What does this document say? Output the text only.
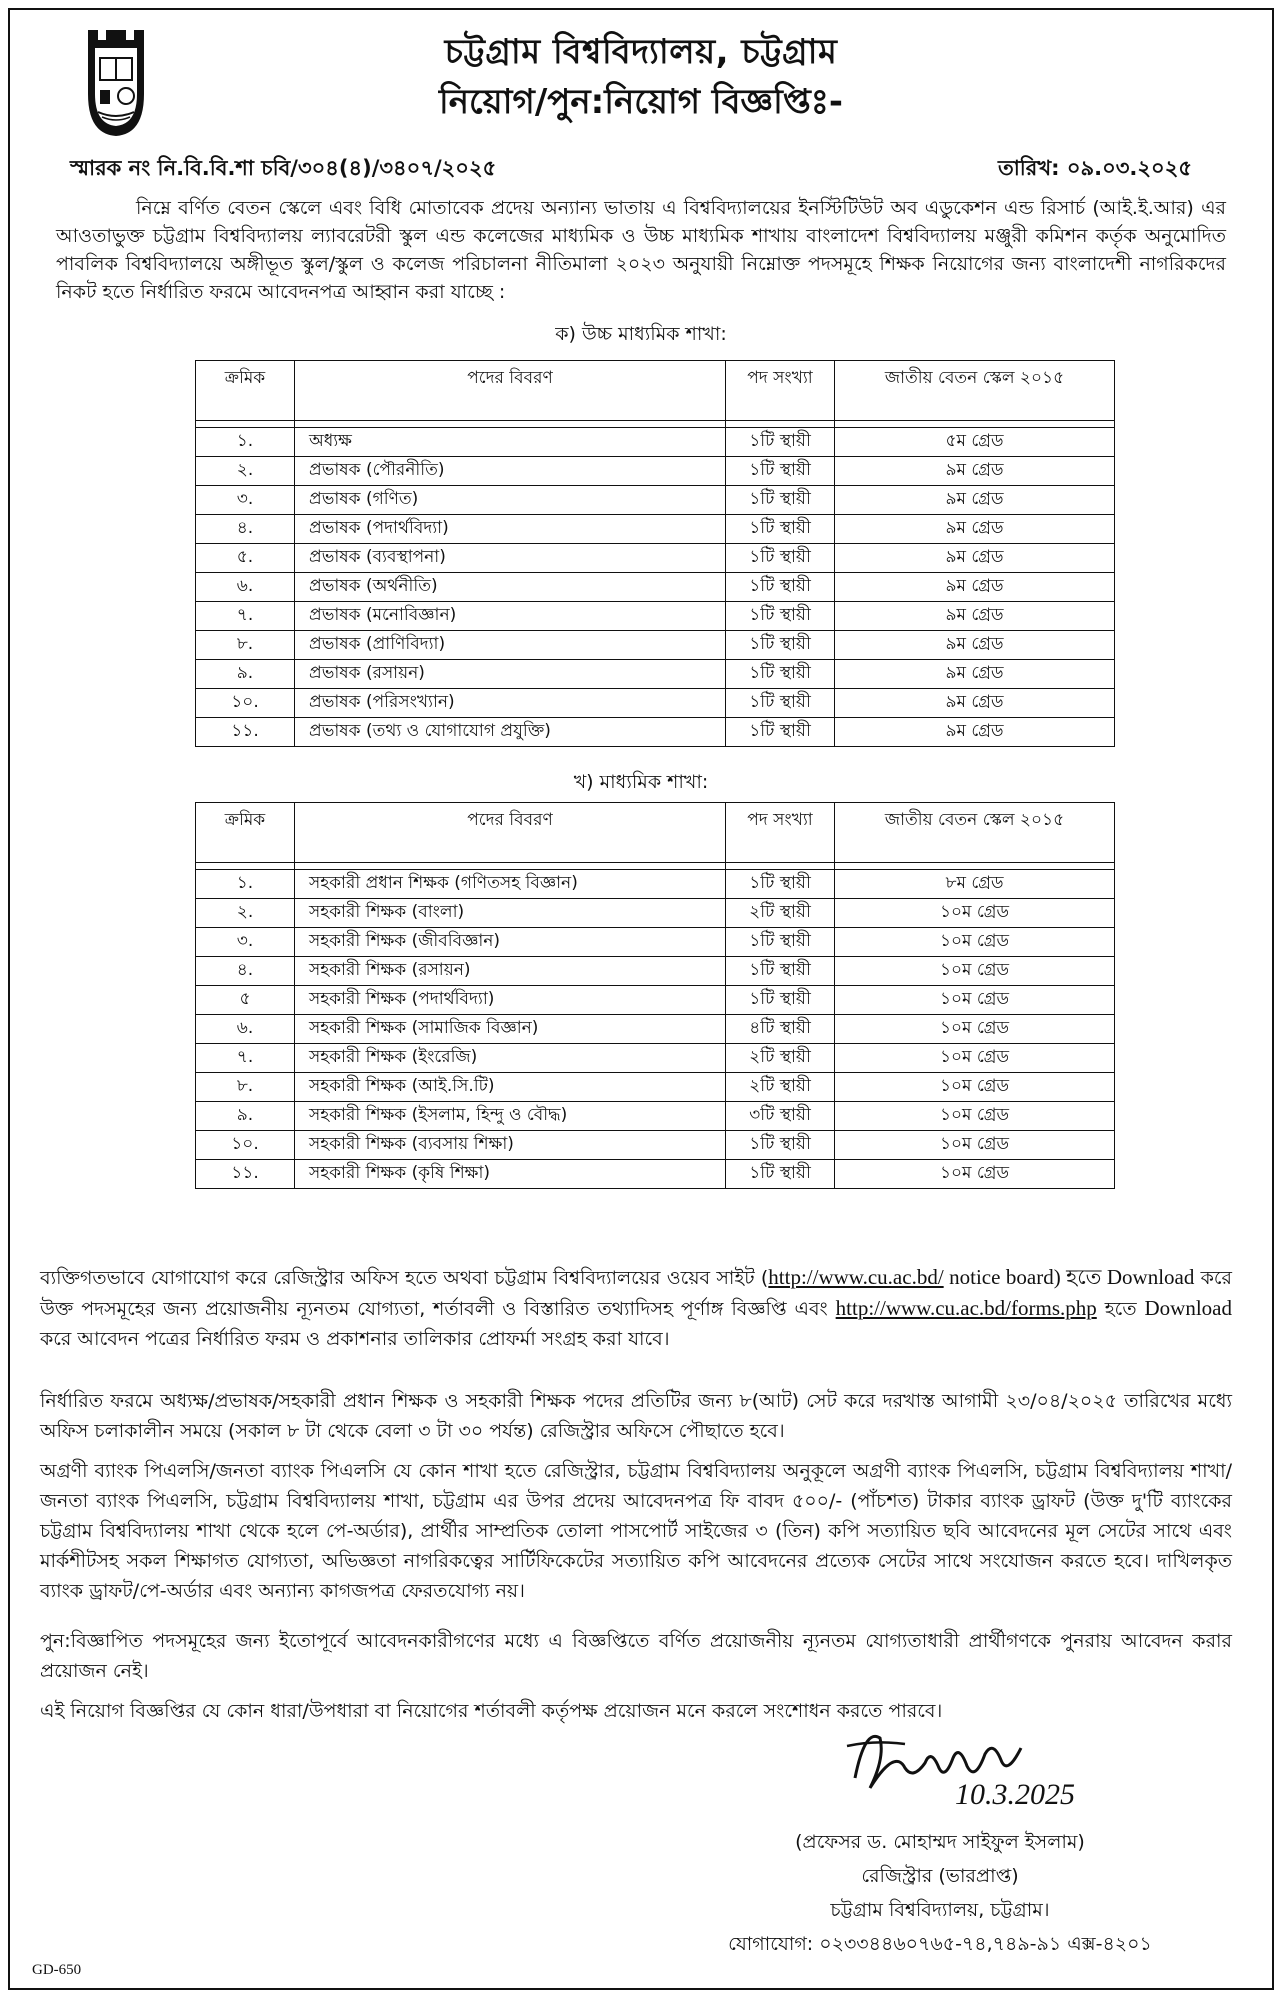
চট্টগ্রাম বিশ্ববিদ্যালয়, চট্টগ্রাম
নিয়োগ/পুন:নিয়োগ বিজ্ঞপ্তিঃ-
স্মারক নং নি.বি.বি.শা চবি/৩০৪(৪)/৩৪০৭/২০২৫	তারিখ: ০৯.০৩.২০২৫
নিম্নে বর্ণিত বেতন স্কেলে এবং বিধি মোতাবেক প্রদেয় অন্যান্য ভাতায় এ বিশ্ববিদ্যালয়ের ইনস্টিটিউট অব এডুকেশন এন্ড রিসার্চ (আই.ই.আর) এর আওতাভুক্ত চট্টগ্রাম বিশ্ববিদ্যালয় ল্যাবরেটরী স্কুল এন্ড কলেজের মাধ্যমিক ও উচ্চ মাধ্যমিক শাখায় বাংলাদেশ বিশ্ববিদ্যালয় মঞ্জুরী কমিশন কর্তৃক অনুমোদিত পাবলিক বিশ্ববিদ্যালয়ে অঙ্গীভূত স্কুল/স্কুল ও কলেজ পরিচালনা নীতিমালা ২০২৩ অনুযায়ী নিম্নোক্ত পদসমূহে শিক্ষক নিয়োগের জন্য বাংলাদেশী নাগরিকদের নিকট হতে নির্ধারিত ফরমে আবেদনপত্র আহ্বান করা যাচ্ছে :
ক) উচ্চ মাধ্যমিক শাখা:
ক্রমিক	পদের বিবরণ	পদ সংখ্যা	জাতীয় বেতন স্কেল ২০১৫

১.	অধ্যক্ষ	১টি স্থায়ী	৫ম গ্রেড
২.	প্রভাষক (পৌরনীতি)	১টি স্থায়ী	৯ম গ্রেড
৩.	প্রভাষক (গণিত)	১টি স্থায়ী	৯ম গ্রেড
৪.	প্রভাষক (পদার্থবিদ্যা)	১টি স্থায়ী	৯ম গ্রেড
৫.	প্রভাষক (ব্যবস্থাপনা)	১টি স্থায়ী	৯ম গ্রেড
৬.	প্রভাষক (অর্থনীতি)	১টি স্থায়ী	৯ম গ্রেড
৭.	প্রভাষক (মনোবিজ্ঞান)	১টি স্থায়ী	৯ম গ্রেড
৮.	প্রভাষক (প্রাণিবিদ্যা)	১টি স্থায়ী	৯ম গ্রেড
৯.	প্রভাষক (রসায়ন)	১টি স্থায়ী	৯ম গ্রেড
১০.	প্রভাষক (পরিসংখ্যান)	১টি স্থায়ী	৯ম গ্রেড
১১.	প্রভাষক (তথ্য ও যোগাযোগ প্রযুক্তি)	১টি স্থায়ী	৯ম গ্রেড
খ) মাধ্যমিক শাখা:
ক্রমিক	পদের বিবরণ	পদ সংখ্যা	জাতীয় বেতন স্কেল ২০১৫

১.	সহকারী প্রধান শিক্ষক (গণিতসহ বিজ্ঞান)	১টি স্থায়ী	৮ম গ্রেড
২.	সহকারী শিক্ষক (বাংলা)	২টি স্থায়ী	১০ম গ্রেড
৩.	সহকারী শিক্ষক (জীববিজ্ঞান)	১টি স্থায়ী	১০ম গ্রেড
৪.	সহকারী শিক্ষক (রসায়ন)	১টি স্থায়ী	১০ম গ্রেড
৫	সহকারী শিক্ষক (পদার্থবিদ্যা)	১টি স্থায়ী	১০ম গ্রেড
৬.	সহকারী শিক্ষক (সামাজিক বিজ্ঞান)	৪টি স্থায়ী	১০ম গ্রেড
৭.	সহকারী শিক্ষক (ইংরেজি)	২টি স্থায়ী	১০ম গ্রেড
৮.	সহকারী শিক্ষক (আই.সি.টি)	২টি স্থায়ী	১০ম গ্রেড
৯.	সহকারী শিক্ষক (ইসলাম, হিন্দু ও বৌদ্ধ)	৩টি স্থায়ী	১০ম গ্রেড
১০.	সহকারী শিক্ষক (ব্যবসায় শিক্ষা)	১টি স্থায়ী	১০ম গ্রেড
১১.	সহকারী শিক্ষক (কৃষি শিক্ষা)	১টি স্থায়ী	১০ম গ্রেড
ব্যক্তিগতভাবে যোগাযোগ করে রেজিস্ট্রার অফিস হতে অথবা চট্টগ্রাম বিশ্ববিদ্যালয়ের ওয়েব সাইট (http://www.cu.ac.bd/ notice board) হতে Download করে উক্ত পদসমূহের জন্য প্রয়োজনীয় ন্যূনতম যোগ্যতা, শর্তাবলী ও বিস্তারিত তথ্যাদিসহ পূর্ণাঙ্গ বিজ্ঞপ্তি এবং http://www.cu.ac.bd/forms.php হতে Download করে আবেদন পত্রের নির্ধারিত ফরম ও প্রকাশনার তালিকার প্রোফর্মা সংগ্রহ করা যাবে।
নির্ধারিত ফরমে অধ্যক্ষ/প্রভাষক/সহকারী প্রধান শিক্ষক ও সহকারী শিক্ষক পদের প্রতিটির জন্য ৮(আট) সেট করে দরখাস্ত আগামী ২৩/০৪/২০২৫ তারিখের মধ্যে অফিস চলাকালীন সময়ে (সকাল ৮ টা থেকে বেলা ৩ টা ৩০ পর্যন্ত) রেজিস্ট্রার অফিসে পৌছাতে হবে।
অগ্রণী ব্যাংক পিএলসি/জনতা ব্যাংক পিএলসি যে কোন শাখা হতে রেজিস্ট্রার, চট্টগ্রাম বিশ্ববিদ্যালয় অনুকূলে অগ্রণী ব্যাংক পিএলসি, চট্টগ্রাম বিশ্ববিদ্যালয় শাখা/জনতা ব্যাংক পিএলসি, চট্টগ্রাম বিশ্ববিদ্যালয় শাখা, চট্টগ্রাম এর উপর প্রদেয় আবেদনপত্র ফি বাবদ ৫০০/- (পাঁচশত) টাকার ব্যাংক ড্রাফট (উক্ত দু'টি ব্যাংকের চট্টগ্রাম বিশ্ববিদ্যালয় শাখা থেকে হলে পে-অর্ডার), প্রার্থীর সাম্প্রতিক তোলা পাসপোর্ট সাইজের ৩ (তিন) কপি সত্যায়িত ছবি আবেদনের মূল সেটের সাথে এবং মার্কশীটসহ সকল শিক্ষাগত যোগ্যতা, অভিজ্ঞতা নাগরিকত্বের সার্টিফিকেটের সত্যায়িত কপি আবেদনের প্রত্যেক সেটের সাথে সংযোজন করতে হবে। দাখিলকৃত ব্যাংক ড্রাফট/পে-অর্ডার এবং অন্যান্য কাগজপত্র ফেরতযোগ্য নয়।
পুন:বিজ্ঞাপিত পদসমূহের জন্য ইতোপূর্বে আবেদনকারীগণের মধ্যে এ বিজ্ঞপ্তিতে বর্ণিত প্রয়োজনীয় ন্যূনতম যোগ্যতাধারী প্রার্থীগণকে পুনরায় আবেদন করার প্রয়োজন নেই।
এই নিয়োগ বিজ্ঞপ্তির যে কোন ধারা/উপধারা বা নিয়োগের শর্তাবলী কর্তৃপক্ষ প্রয়োজন মনে করলে সংশোধন করতে পারবে।
10.3.2025
(প্রফেসর ড. মোহাম্মদ সাইফুল ইসলাম)
রেজিস্ট্রার (ভারপ্রাপ্ত)
চট্টগ্রাম বিশ্ববিদ্যালয়, চট্টগ্রাম।
যোগাযোগ: ০২৩৩৪৪৬০৭৬৫-৭৪,৭৪৯-৯১ এক্স-৪২০১
GD-650
